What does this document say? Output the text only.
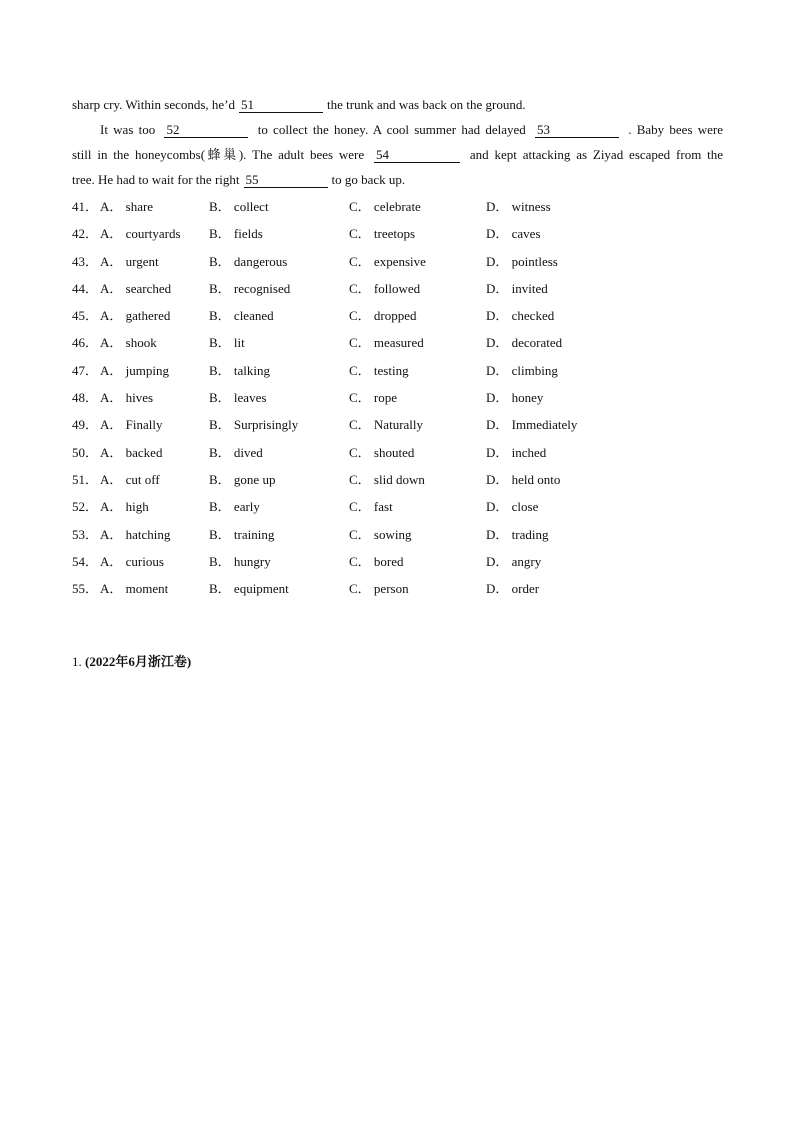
sharp cry. Within seconds, he’d 51	the trunk and was back on the ground.
It was too 52	to collect the honey. A cool summer had delayed 53	. Baby bees were
still in the honeycombs(蜂巢). The adult bees were 54	and kept attacking as Ziyad escaped from the
tree. He had to wait for the right 55	to go back up.
41． A． share	B． collect	C． celebrate	D． witness
42． A． courtyards B． fields	C． treetops	D． caves
43． A． urgent	B． dangerous	C． expensive	D． pointless
44． A． searched	B． recognised	C． followed	D． invited
45． A． gathered	B． cleaned	C． dropped	D． checked
46． A． shook	B． lit	C． measured	D． decorated
47． A． jumping	B． talking	C． testing	D． climbing
48． A． hives	B． leaves	C． rope	D． honey
49． A． Finally	B． Surprisingly	C． Naturally	D． Immediately
50． A． backed	B． dived	C． shouted	D． inched
51． A． cut off	B． gone up	C． slid down	D． held onto
52． A． high	B． early	C． fast	D． close
53． A． hatching	B． training	C． sowing	D． trading
54． A． curious	B． hungry	C． bored	D． angry
55． A． moment	B． equipment	C． person	D． order
1. (2022年6月浙江卷)
